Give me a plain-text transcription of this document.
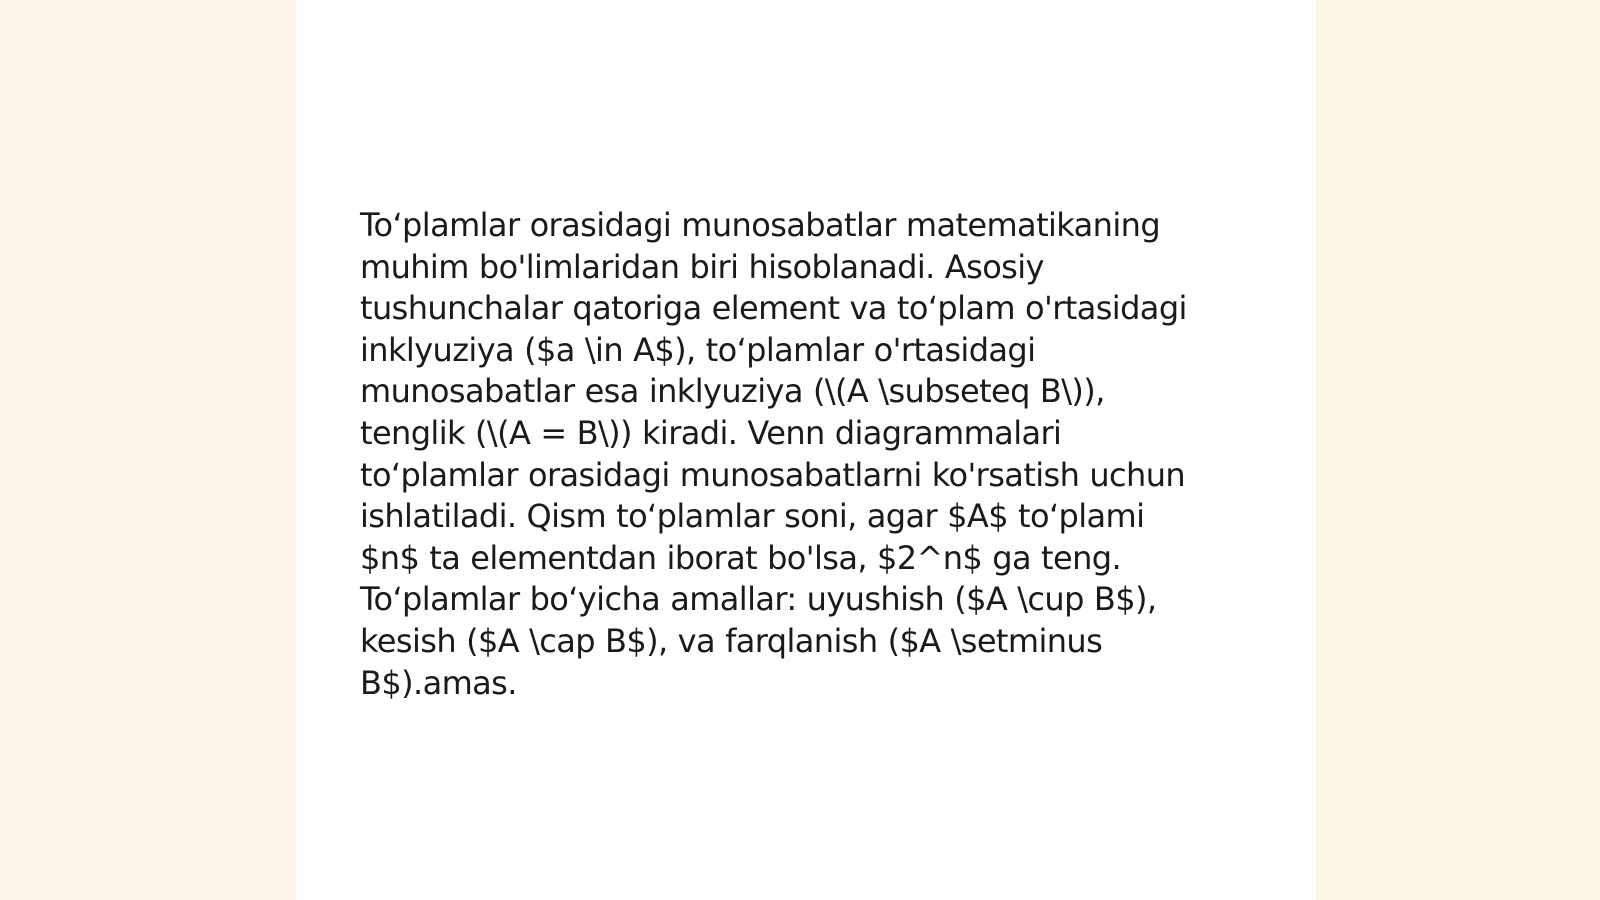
To‘plamlar orasidagi munosabatlar matematikaning
muhim bo'limlaridan biri hisoblanadi. Asosiy
tushunchalar qatoriga element va to‘plam o'rtasidagi
inklyuziya ($a \in A$), to‘plamlar o'rtasidagi
munosabatlar esa inklyuziya (\(A \subseteq B\)),
tenglik (\(A = B\)) kiradi. Venn diagrammalari
to‘plamlar orasidagi munosabatlarni ko'rsatish uchun
ishlatiladi. Qism to‘plamlar soni, agar $A$ to‘plami
$n$ ta elementdan iborat bo'lsa, $2^n$ ga teng.
To‘plamlar bo‘yicha amallar: uyushish ($A \cup B$),
kesish ($A \cap B$), va farqlanish ($A \setminus
B$).amas.
